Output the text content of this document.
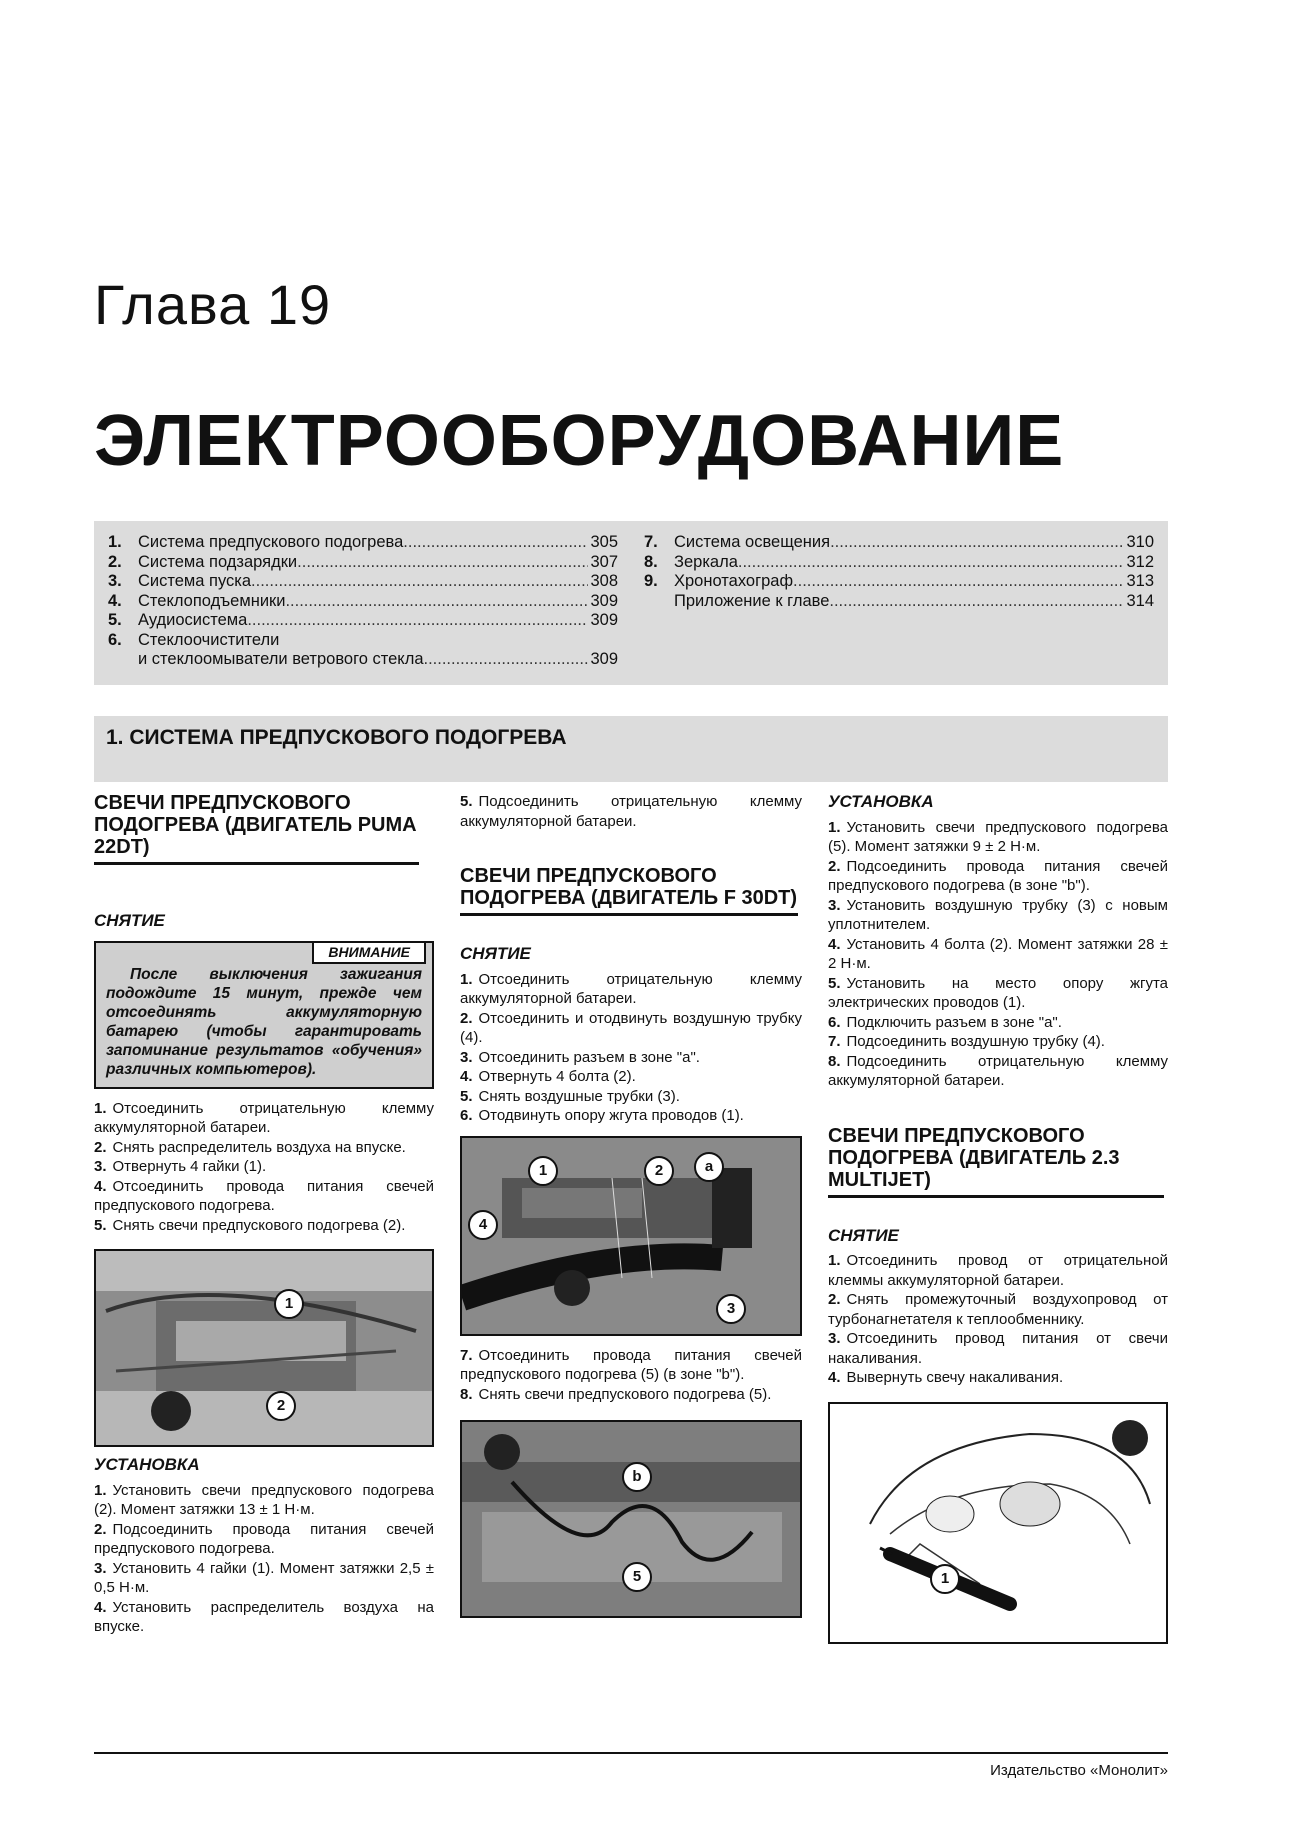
Глава 19
ЭЛЕКТРООБОРУДОВАНИЕ
1. Система предпускового подогрева .....	305
2. Система подзарядки .....	307
3. Система пуска .....	308
4. Стеклоподъемники .....	309
5. Аудиосистема .....	309
6. Стеклоочистители
и стеклоомыватели ветрового стекла .....	309
7. Система освещения .....	310
8. Зеркала .....	312
9. Хронотахограф .....	313
Приложение к главе .....	314
1. СИСТЕМА ПРЕДПУСКОВОГО ПОДОГРЕВА
СВЕЧИ ПРЕДПУСКОВОГО ПОДОГРЕВА (ДВИГАТЕЛЬ PUMA 22DT)
СНЯТИЕ
ВНИМАНИЕ
После выключения зажигания подождите 15 минут, прежде чем отсоединять аккумуляторную батарею (чтобы гарантировать запоминание результатов «обучения» различных компьютеров).

1. Отсоединить отрицательную клемму аккумуляторной батареи.

2. Снять распределитель воздуха на впуске.

3. Отвернуть 4 гайки (1).

4. Отсоединить провода питания свечей предпускового подогрева.

5. Снять свечи предпускового подогрева (2).

1
2
УСТАНОВКА

1. Установить свечи предпускового подогрева (2). Момент затяжки 13 ± 1 Н·м.

2. Подсоединить провода питания свечей предпускового подогрева.

3. Установить 4 гайки (1). Момент затяжки 2,5 ± 0,5 Н·м.

4. Установить распределитель воздуха на впуске.

5. Подсоединить отрицательную клемму аккумуляторной батареи.

СВЕЧИ ПРЕДПУСКОВОГО ПОДОГРЕВА (ДВИГАТЕЛЬ F 30DT)
СНЯТИЕ

1. Отсоединить отрицательную клемму аккумуляторной батареи.

2. Отсоединить и отодвинуть воздушную трубку (4).

3. Отсоединить разъем в зоне "a".

4. Отвернуть 4 болта (2).

5. Снять воздушные трубки (3).

6. Отодвинуть опору жгута проводов (1).

1	2	a
4
3

7. Отсоединить провода питания свечей предпускового подогрева (5) (в зоне "b").

8. Снять свечи предпускового подогрева (5).

b
5
УСТАНОВКА

1. Установить свечи предпускового подогрева (5). Момент затяжки 9 ± 2 Н·м.

2. Подсоединить провода питания свечей предпускового подогрева (в зоне "b").

3. Установить воздушную трубку (3) с новым уплотнителем.

4. Установить 4 болта (2). Момент затяжки 28 ± 2 Н·м.

5. Установить на место опору жгута электрических проводов (1).

6. Подключить разъем в зоне "a".

7. Подсоединить воздушную трубку (4).

8. Подсоединить отрицательную клемму аккумуляторной батареи.

СВЕЧИ ПРЕДПУСКОВОГО ПОДОГРЕВА (ДВИГАТЕЛЬ 2.3 MULTIJET)
СНЯТИЕ

1. Отсоединить провод от отрицательной клеммы аккумуляторной батареи.

2. Снять промежуточный воздухопровод от турбонагнетателя к теплообменнику.

3. Отсоединить провод питания от свечи накаливания.

4. Вывернуть свечу накаливания.

1
Издательство «Монолит»
